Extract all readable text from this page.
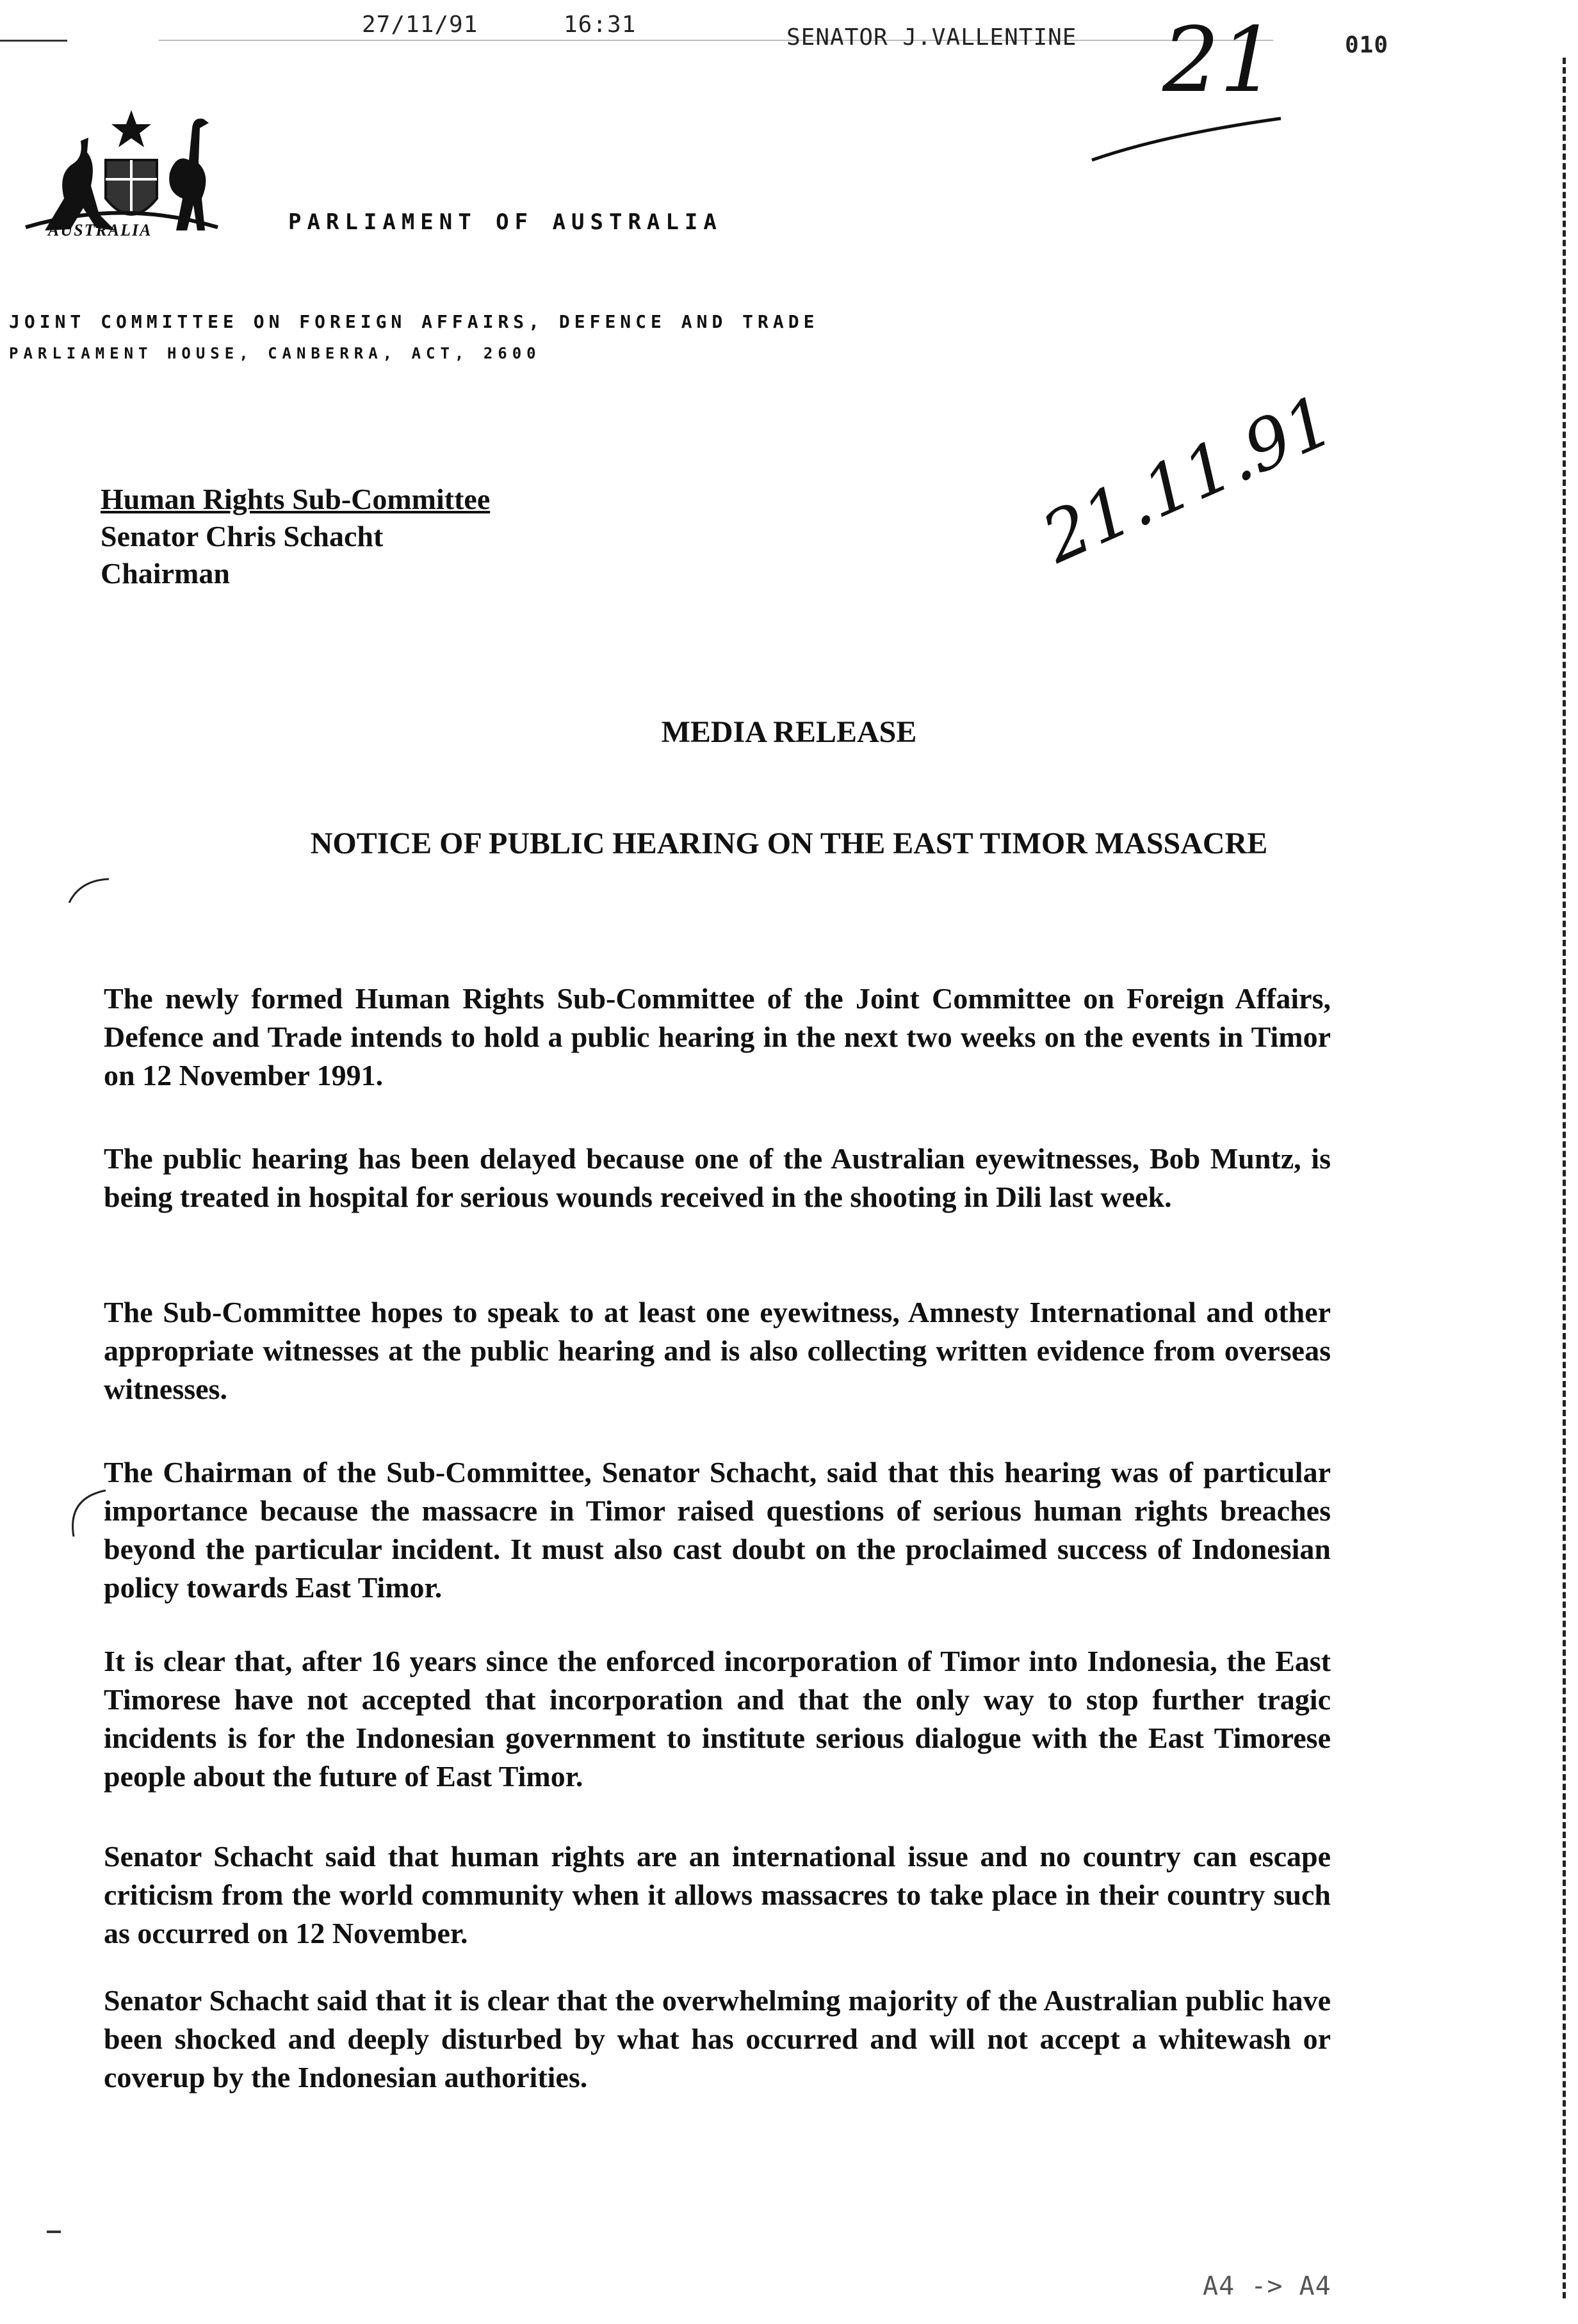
27/11/91	16:31	SENATOR J.VALLENTINE	010
21
AUSTRALIA	PARLIAMENT OF AUSTRALIA
JOINT COMMITTEE ON FOREIGN AFFAIRS, DEFENCE AND TRADE
PARLIAMENT HOUSE, CANBERRA, ACT, 2600
Human Rights Sub-Committee
Senator Chris Schacht
Chairman	21.11.91
MEDIA RELEASE
NOTICE OF PUBLIC HEARING ON THE EAST TIMOR MASSACRE

The newly formed Human Rights Sub-Committee of the Joint Committee on Foreign Affairs, Defence and Trade intends to hold a public hearing in the next two weeks on the events in Timor on 12 November 1991.

The public hearing has been delayed because one of the Australian eyewitnesses, Bob Muntz, is being treated in hospital for serious wounds received in the shooting in Dili last week.

The Sub-Committee hopes to speak to at least one eyewitness, Amnesty International and other appropriate witnesses at the public hearing and is also collecting written evidence from overseas witnesses.

The Chairman of the Sub-Committee, Senator Schacht, said that this hearing was of particular importance because the massacre in Timor raised questions of serious human rights breaches beyond the particular incident. It must also cast doubt on the proclaimed success of Indonesian policy towards East Timor.

It is clear that, after 16 years since the enforced incorporation of Timor into Indonesia, the East Timorese have not accepted that incorporation and that the only way to stop further tragic incidents is for the Indonesian government to institute serious dialogue with the East Timorese people about the future of East Timor.

Senator Schacht said that human rights are an international issue and no country can escape criticism from the world community when it allows massacres to take place in their country such as occurred on 12 November.

Senator Schacht said that it is clear that the overwhelming majority of the Australian public have been shocked and deeply disturbed by what has occurred and will not accept a whitewash or coverup by the Indonesian authorities.

A4 -> A4
